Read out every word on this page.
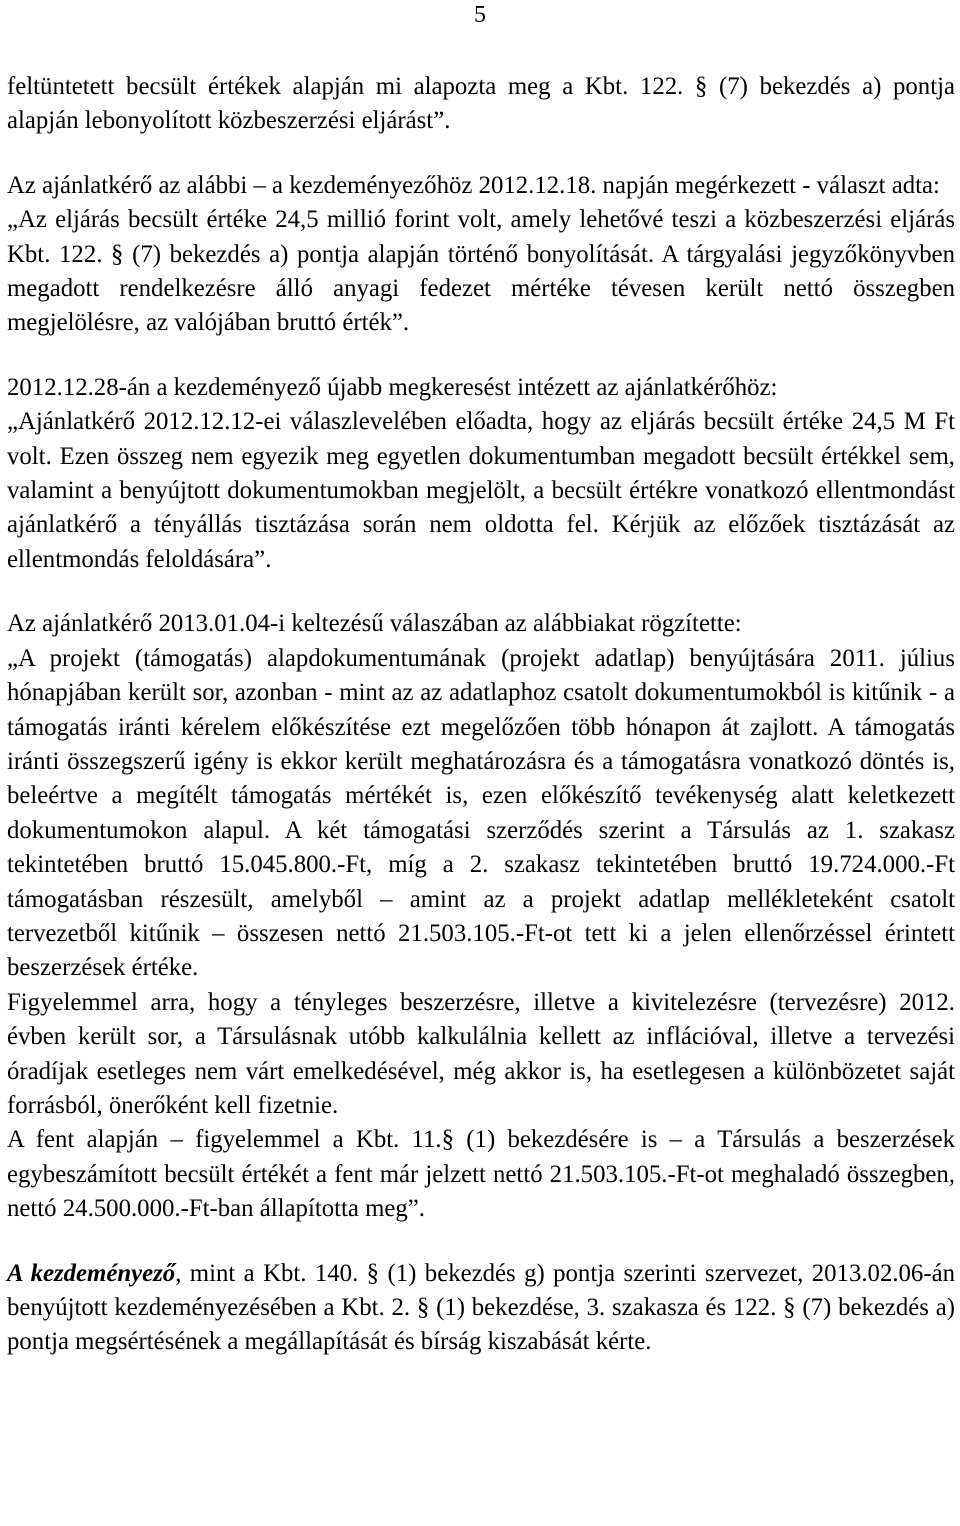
5

feltüntetett becsült értékek alapján mi alapozta meg a Kbt. 122. § (7) bekezdés a) pontja alapján lebonyolított közbeszerzési eljárást”.

Az ajánlatkérő az alábbi – a kezdeményezőhöz 2012.12.18. napján megérkezett - választ adta:

„Az eljárás becsült értéke 24,5 millió forint volt, amely lehetővé teszi a közbeszerzési eljárás Kbt. 122. § (7) bekezdés a) pontja alapján történő bonyolítását. A tárgyalási jegyzőkönyvben megadott rendelkezésre álló anyagi fedezet mértéke tévesen került nettó összegben megjelölésre, az valójában bruttó érték”.

2012.12.28-án a kezdeményező újabb megkeresést intézett az ajánlatkérőhöz:

„Ajánlatkérő 2012.12.12-ei válaszlevelében előadta, hogy az eljárás becsült értéke 24,5 M Ft volt. Ezen összeg nem egyezik meg egyetlen dokumentumban megadott becsült értékkel sem, valamint a benyújtott dokumentumokban megjelölt, a becsült értékre vonatkozó ellentmondást ajánlatkérő a tényállás tisztázása során nem oldotta fel. Kérjük az előzőek tisztázását az ellentmondás feloldására”.

Az ajánlatkérő 2013.01.04-i keltezésű válaszában az alábbiakat rögzítette:

„A projekt (támogatás) alapdokumentumának (projekt adatlap) benyújtására 2011. július hónapjában került sor, azonban - mint az az adatlaphoz csatolt dokumentumokból is kitűnik - a támogatás iránti kérelem előkészítése ezt megelőzően több hónapon át zajlott. A támogatás iránti összegszerű igény is ekkor került meghatározásra és a támogatásra vonatkozó döntés is, beleértve a megítélt támogatás mértékét is, ezen előkészítő tevékenység alatt keletkezett dokumentumokon alapul. A két támogatási szerződés szerint a Társulás az 1. szakasz tekintetében bruttó 15.045.800.-Ft, míg a 2. szakasz tekintetében bruttó 19.724.000.-Ft támogatásban részesült, amelyből – amint az a projekt adatlap mellékleteként csatolt tervezetből kitűnik – összesen nettó 21.503.105.-Ft-ot tett ki a jelen ellenőrzéssel érintett beszerzések értéke.

Figyelemmel arra, hogy a tényleges beszerzésre, illetve a kivitelezésre (tervezésre) 2012. évben került sor, a Társulásnak utóbb kalkulálnia kellett az inflációval, illetve a tervezési óradíjak esetleges nem várt emelkedésével, még akkor is, ha esetlegesen a különbözetet saját forrásból, önerőként kell fizetnie.

A fent alapján – figyelemmel a Kbt. 11.§ (1) bekezdésére is – a Társulás a beszerzések egybeszámított becsült értékét a fent már jelzett nettó 21.503.105.-Ft-ot meghaladó összegben, nettó 24.500.000.-Ft-ban állapította meg”.

A kezdeményező, mint a Kbt. 140. § (1) bekezdés g) pontja szerinti szervezet, 2013.02.06-án benyújtott kezdeményezésében a Kbt. 2. § (1) bekezdése, 3. szakasza és 122. § (7) bekezdés a) pontja megsértésének a megállapítását és bírság kiszabását kérte.
